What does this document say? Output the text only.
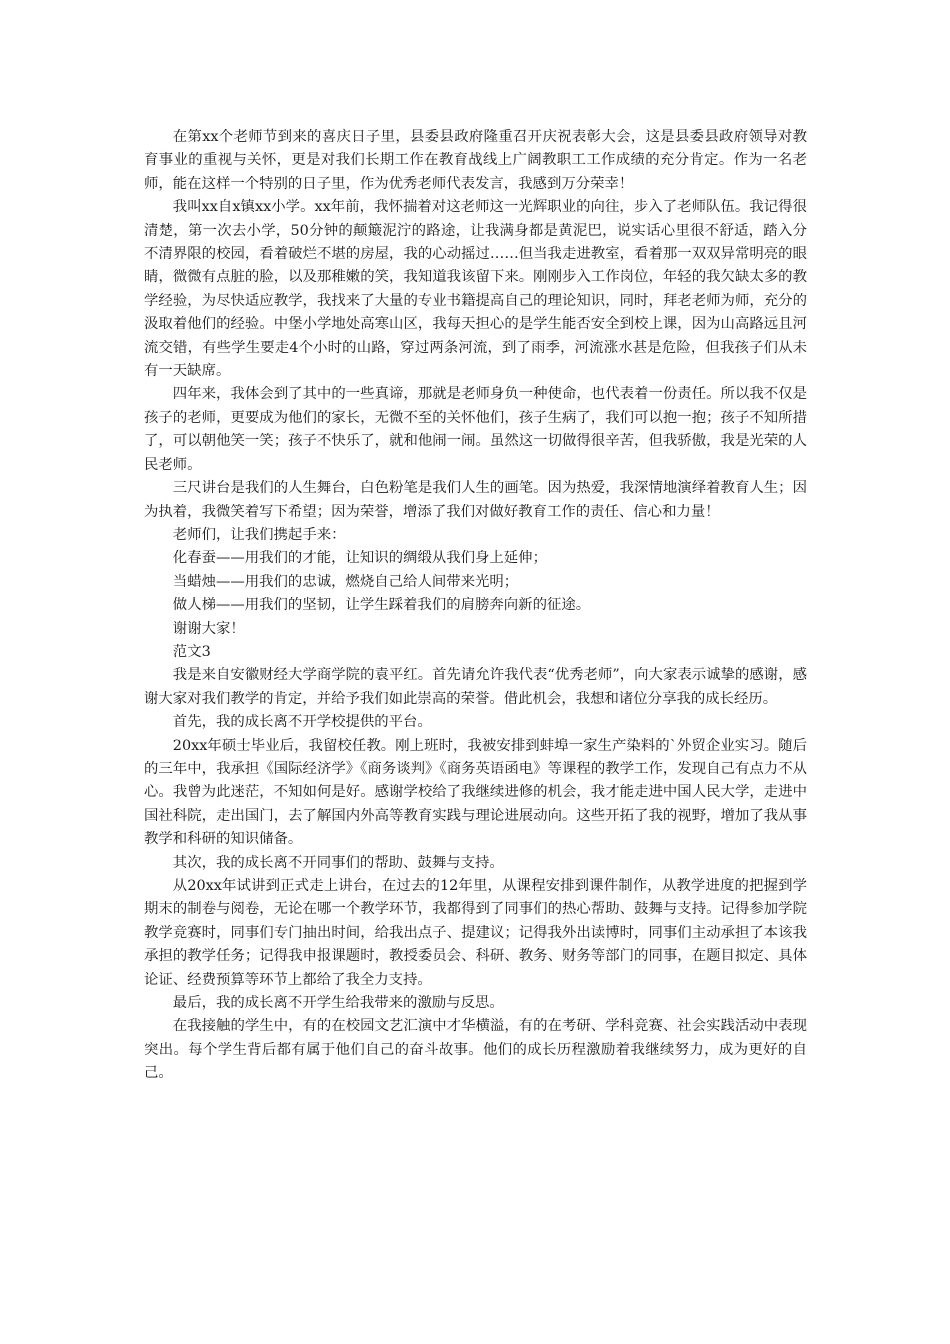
在第xx个老师节到来的喜庆日子里，县委县政府隆重召开庆祝表彰大会，这是县委县政府领导对教育事业的重视与关怀，更是对我们长期工作在教育战线上广阔教职工工作成绩的充分肯定。作为一名老师，能在这样一个特别的日子里，作为优秀老师代表发言，我感到万分荣幸！

我叫xx自x镇xx小学。xx年前，我怀揣着对这老师这一光辉职业的向往，步入了老师队伍。我记得很清楚，第一次去小学，50分钟的颠簸泥泞的路途，让我满身都是黄泥巴，说实话心里很不舒适，踏入分不清界限的校园，看着破烂不堪的房屋，我的心动摇过……但当我走进教室，看着那一双双异常明亮的眼睛，微微有点脏的脸，以及那稚嫩的笑，我知道我该留下来。刚刚步入工作岗位，年轻的我欠缺太多的教学经验，为尽快适应教学，我找来了大量的专业书籍提高自己的理论知识，同时，拜老老师为师，充分的汲取着他们的经验。中堡小学地处高寒山区，我每天担心的是学生能否安全到校上课，因为山高路远且河流交错，有些学生要走4个小时的山路，穿过两条河流，到了雨季，河流涨水甚是危险，但我孩子们从未有一天缺席。

四年来，我体会到了其中的一些真谛，那就是老师身负一种使命，也代表着一份责任。所以我不仅是孩子的老师，更要成为他们的家长，无微不至的关怀他们，孩子生病了，我们可以抱一抱；孩子不知所措了，可以朝他笑一笑；孩子不快乐了，就和他闹一闹。虽然这一切做得很辛苦，但我骄傲，我是光荣的人民老师。

三尺讲台是我们的人生舞台，白色粉笔是我们人生的画笔。因为热爱，我深情地演绎着教育人生；因为执着，我微笑着写下希望；因为荣誉，增添了我们对做好教育工作的责任、信心和力量！

老师们，让我们携起手来：

化春蚕——用我们的才能，让知识的绸缎从我们身上延伸；

当蜡烛——用我们的忠诚，燃烧自己给人间带来光明；

做人梯——用我们的坚韧，让学生踩着我们的肩膀奔向新的征途。

谢谢大家！

范文3

我是来自安徽财经大学商学院的袁平红。首先请允许我代表“优秀老师”，向大家表示诚挚的感谢，感谢大家对我们教学的肯定，并给予我们如此崇高的荣誉。借此机会，我想和诸位分享我的成长经历。

首先，我的成长离不开学校提供的平台。

20xx年硕士毕业后，我留校任教。刚上班时，我被安排到蚌埠一家生产染料的`外贸企业实习。随后的三年中，我承担《国际经济学》《商务谈判》《商务英语函电》等课程的教学工作，发现自己有点力不从心。我曾为此迷茫，不知如何是好。感谢学校给了我继续进修的机会，我才能走进中国人民大学，走进中国社科院，走出国门，去了解国内外高等教育实践与理论进展动向。这些开拓了我的视野，增加了我从事教学和科研的知识储备。

其次，我的成长离不开同事们的帮助、鼓舞与支持。

从20xx年试讲到正式走上讲台，在过去的12年里，从课程安排到课件制作，从教学进度的把握到学期末的制卷与阅卷，无论在哪一个教学环节，我都得到了同事们的热心帮助、鼓舞与支持。记得参加学院教学竞赛时，同事们专门抽出时间，给我出点子、提建议；记得我外出读博时，同事们主动承担了本该我承担的教学任务；记得我申报课题时，教授委员会、科研、教务、财务等部门的同事，在题目拟定、具体论证、经费预算等环节上都给了我全力支持。

最后，我的成长离不开学生给我带来的激励与反思。

在我接触的学生中，有的在校园文艺汇演中才华横溢，有的在考研、学科竞赛、社会实践活动中表现突出。每个学生背后都有属于他们自己的奋斗故事。他们的成长历程激励着我继续努力，成为更好的自己。
